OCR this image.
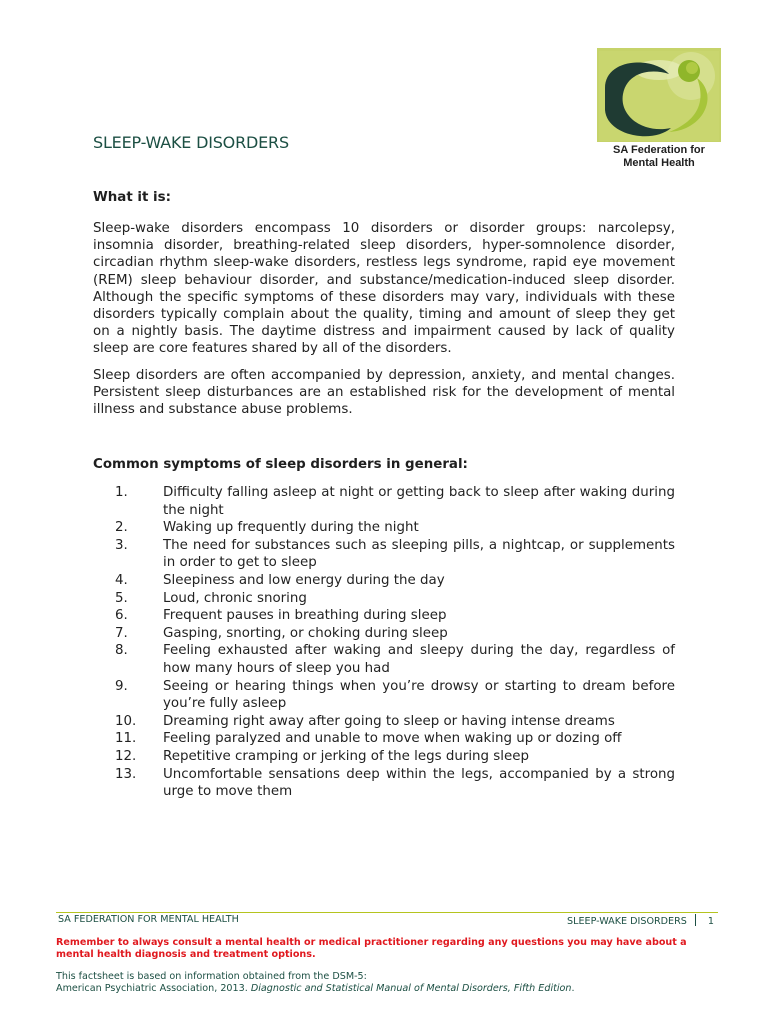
SA Federation for
Mental Health
SLEEP-WAKE DISORDERS
What it is:

Sleep-wake disorders encompass 10 disorders or disorder groups: narcolepsy, insomnia disorder, breathing-related sleep disorders, hyper-somnolence disorder, circadian rhythm sleep-wake disorders, restless legs syndrome, rapid eye movement (REM) sleep behaviour disorder, and substance/medication-induced sleep disorder. Although the specific symptoms of these disorders may vary, individuals with these disorders typically complain about the quality, timing and amount of sleep they get on a nightly basis. The daytime distress and impairment caused by lack of quality sleep are core features shared by all of the disorders.

Sleep disorders are often accompanied by depression, anxiety, and mental changes. Persistent sleep disturbances are an established risk for the development of mental illness and substance abuse problems.

Common symptoms of sleep disorders in general:
1.	Difficulty falling asleep at night or getting back to sleep after waking during the night
2.	Waking up frequently during the night
3.	The need for substances such as sleeping pills, a nightcap, or supplements in order to get to sleep
4.	Sleepiness and low energy during the day
5.	Loud, chronic snoring
6.	Frequent pauses in breathing during sleep
7.	Gasping, snorting, or choking during sleep
8.	Feeling exhausted after waking and sleepy during the day, regardless of how many hours of sleep you had
9.	Seeing or hearing things when you’re drowsy or starting to dream before you’re fully asleep
10. Dreaming right away after going to sleep or having intense dreams
11. Feeling paralyzed and unable to move when waking up or dozing off
12. Repetitive cramping or jerking of the legs during sleep
13. Uncomfortable sensations deep within the legs, accompanied by a strong urge to move them
SA FEDERATION FOR MENTAL HEALTH	SLEEP-WAKE DISORDERS 1

Remember to always consult a mental health or medical practitioner regarding any questions you may have about a mental health diagnosis and treatment options.

This factsheet is based on information obtained from the DSM-5:
American Psychiatric Association, 2013. Diagnostic and Statistical Manual of Mental Disorders, Fifth Edition.
